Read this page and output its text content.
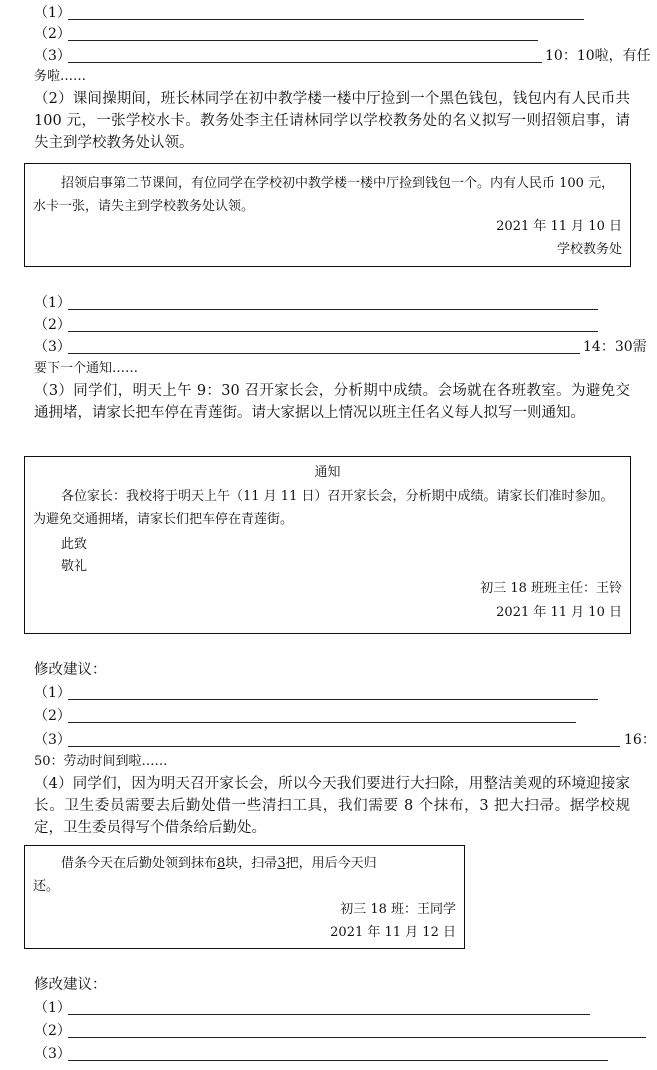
（1）
（2）
（3）	10：10啦，有任
务啦……
（2）课间操期间，班长林同学在初中教学楼一楼中厅捡到一个黑色钱包，钱包内有人民币共 100 元，一张学校水卡。教务处李主任请林同学以学校教务处的名义拟写一则招领启事，请失主到学校教务处认领。
招领启事第二节课间，有位同学在学校初中教学楼一楼中厅捡到钱包一个。内有人民币 100 元，水卡一张，请失主到学校教务处认领。
2021 年 11 月 10 日
学校教务处
（1）
（2）
（3）	14：30需
要下一个通知……
（3）同学们，明天上午 9：30 召开家长会，分析期中成绩。会场就在各班教室。为避免交通拥堵，请家长把车停在青莲街。请大家据以上情况以班主任名义每人拟写一则通知。
通知
各位家长：我校将于明天上午（11 月 11 日）召开家长会，分析期中成绩。请家长们准时参加。为避免交通拥堵，请家长们把车停在青莲街。
此致
敬礼
初三 18 班班主任：王铃
2021 年 11 月 10 日
修改建议：
（1）
（2）
（3）	16：
50：劳动时间到啦……
（4）同学们，因为明天召开家长会，所以今天我们要进行大扫除，用整洁美观的环境迎接家长。卫生委员需要去后勤处借一些清扫工具，我们需要 8 个抹布，3 把大扫帚。据学校规定，卫生委员得写个借条给后勤处。
借条今天在后勤处领到抹布8块，扫帚3把，用后今天归
还。
初三 18 班：王同学
2021 年 11 月 12 日
修改建议：
（1）
（2）
（3）
